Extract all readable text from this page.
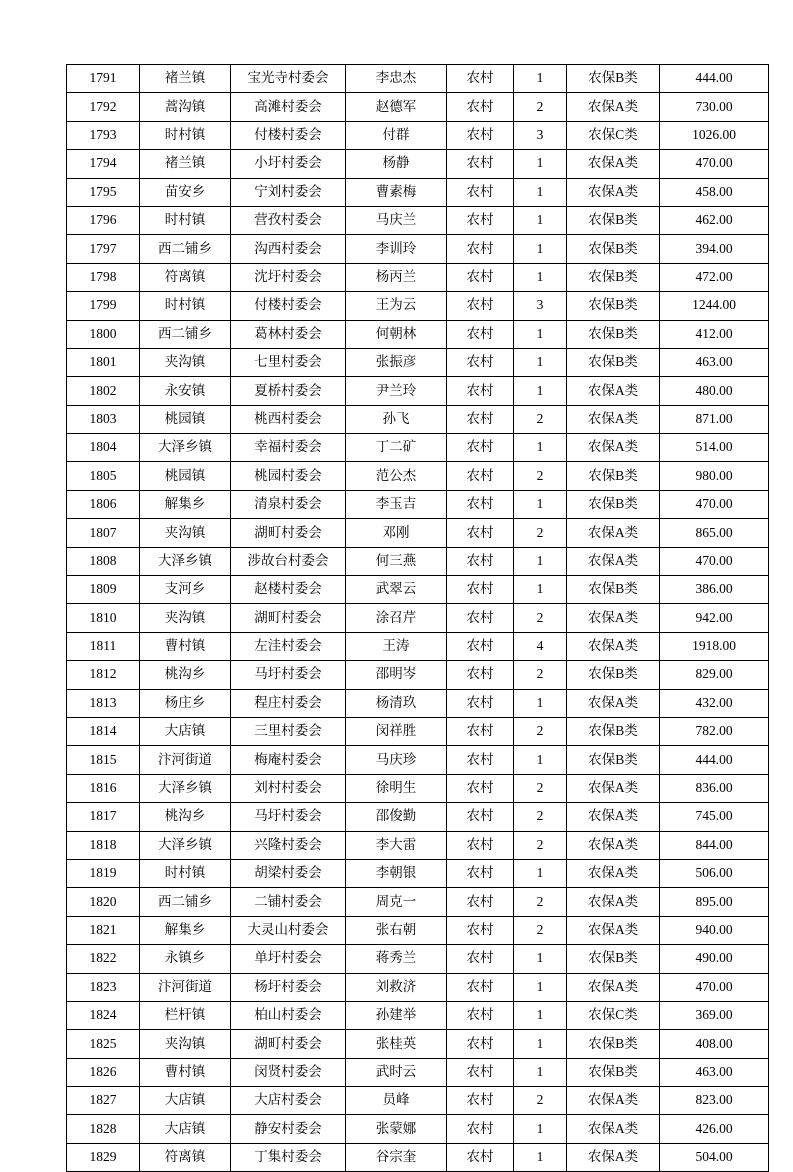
1791	褚兰镇	宝光寺村委会	李忠杰	农村	1	农保B类	444.00
1792	蒿沟镇	高滩村委会	赵德军	农村	2	农保A类	730.00
1793	时村镇	付楼村委会	付群	农村	3	农保C类	1026.00
1794	褚兰镇	小圩村委会	杨静	农村	1	农保A类	470.00
1795	苗安乡	宁刘村委会	曹素梅	农村	1	农保A类	458.00
1796	时村镇	营孜村委会	马庆兰	农村	1	农保B类	462.00
1797	西二铺乡	沟西村委会	李训玲	农村	1	农保B类	394.00
1798	符离镇	沈圩村委会	杨丙兰	农村	1	农保B类	472.00
1799	时村镇	付楼村委会	王为云	农村	3	农保B类	1244.00
1800	西二铺乡	葛林村委会	何朝林	农村	1	农保B类	412.00
1801	夹沟镇	七里村委会	张振彦	农村	1	农保B类	463.00
1802	永安镇	夏桥村委会	尹兰玲	农村	1	农保A类	480.00
1803	桃园镇	桃西村委会	孙飞	农村	2	农保A类	871.00
1804	大泽乡镇	幸福村委会	丁二矿	农村	1	农保A类	514.00
1805	桃园镇	桃园村委会	范公杰	农村	2	农保B类	980.00
1806	解集乡	清泉村委会	李玉吉	农村	1	农保B类	470.00
1807	夹沟镇	湖町村委会	邓刚	农村	2	农保A类	865.00
1808	大泽乡镇	涉故台村委会	何三燕	农村	1	农保A类	470.00
1809	支河乡	赵楼村委会	武翠云	农村	1	农保B类	386.00
1810	夹沟镇	湖町村委会	涂召芹	农村	2	农保A类	942.00
1811	曹村镇	左洼村委会	王涛	农村	4	农保A类	1918.00
1812	桃沟乡	马圩村委会	邵明岑	农村	2	农保B类	829.00
1813	杨庄乡	程庄村委会	杨清玖	农村	1	农保A类	432.00
1814	大店镇	三里村委会	闵祥胜	农村	2	农保B类	782.00
1815	汴河街道	梅庵村委会	马庆珍	农村	1	农保B类	444.00
1816	大泽乡镇	刘村村委会	徐明生	农村	2	农保A类	836.00
1817	桃沟乡	马圩村委会	邵俊勤	农村	2	农保A类	745.00
1818	大泽乡镇	兴隆村委会	李大雷	农村	2	农保A类	844.00
1819	时村镇	胡梁村委会	李朝银	农村	1	农保A类	506.00
1820	西二铺乡	二铺村委会	周克一	农村	2	农保A类	895.00
1821	解集乡	大灵山村委会	张右朝	农村	2	农保A类	940.00
1822	永镇乡	单圩村委会	蒋秀兰	农村	1	农保B类	490.00
1823	汴河街道	杨圩村委会	刘救济	农村	1	农保A类	470.00
1824	栏杆镇	柏山村委会	孙建举	农村	1	农保C类	369.00
1825	夹沟镇	湖町村委会	张桂英	农村	1	农保B类	408.00
1826	曹村镇	闵贤村委会	武时云	农村	1	农保B类	463.00
1827	大店镇	大店村委会	员峰	农村	2	农保A类	823.00
1828	大店镇	静安村委会	张蒙娜	农村	1	农保A类	426.00
1829	符离镇	丁集村委会	谷宗奎	农村	1	农保A类	504.00
